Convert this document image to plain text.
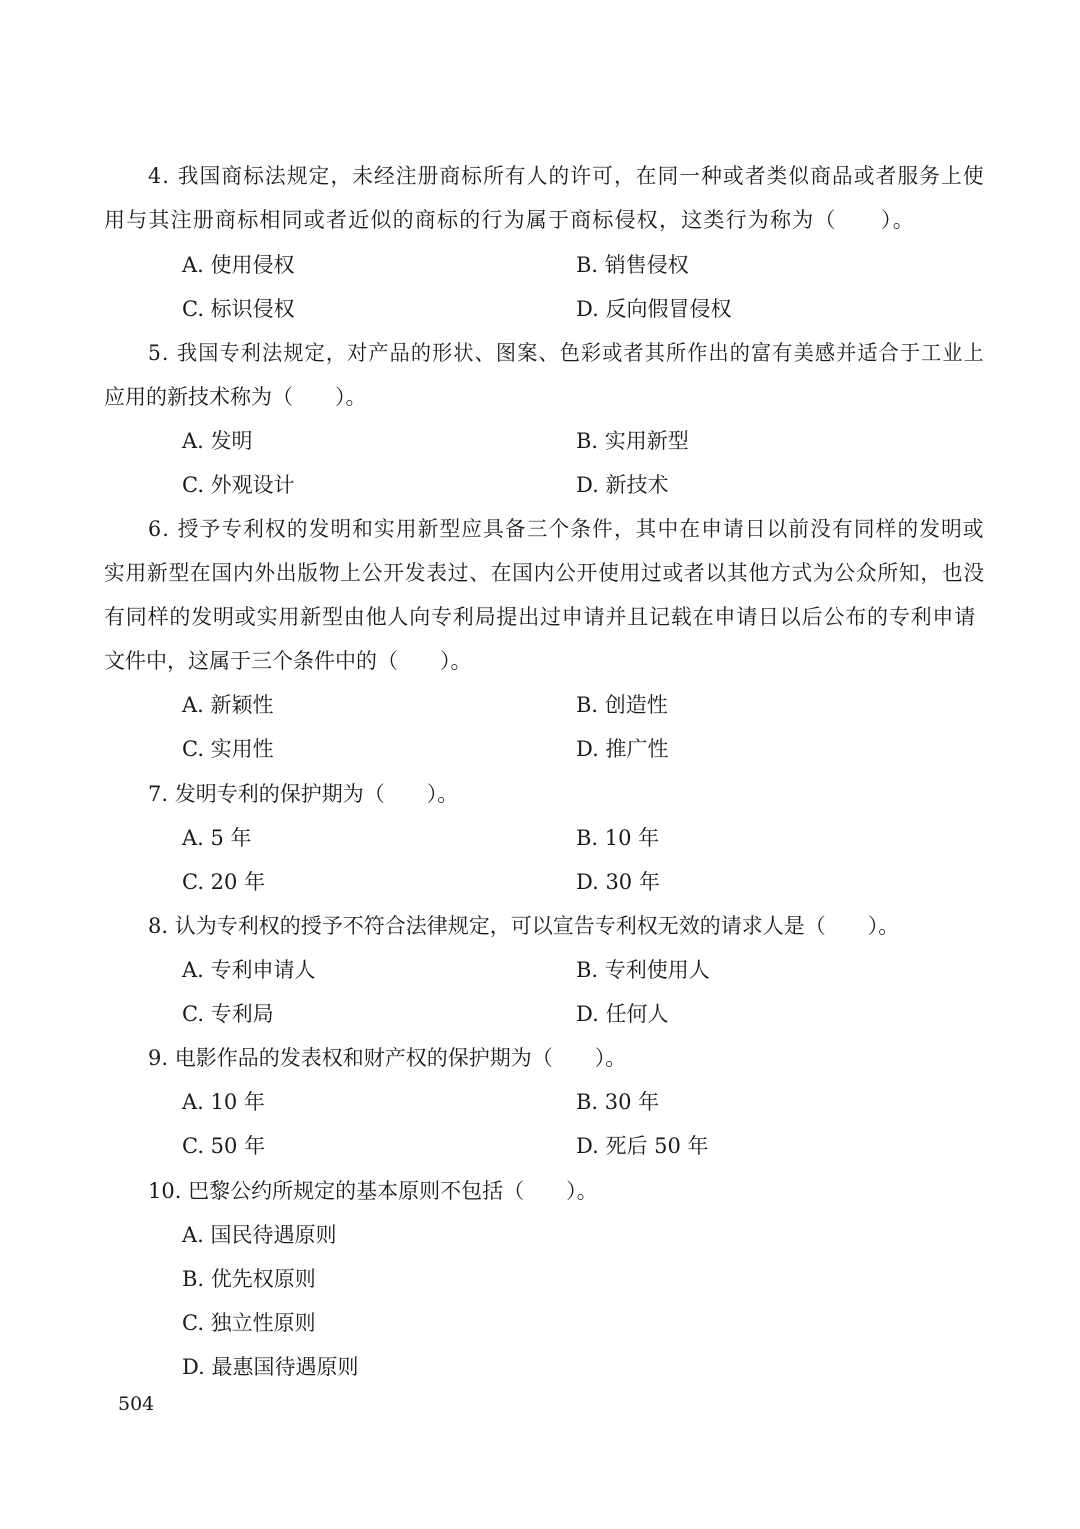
4. 我国商标法规定，未经注册商标所有人的许可，在同一种或者类似商品或者服务上使
用与其注册商标相同或者近似的商标的行为属于商标侵权，这类行为称为（　　）。
A. 使用侵权	B. 销售侵权
C. 标识侵权	D. 反向假冒侵权
5. 我国专利法规定，对产品的形状、图案、色彩或者其所作出的富有美感并适合于工业上
应用的新技术称为（　　）。
A. 发明	B. 实用新型
C. 外观设计	D. 新技术
6. 授予专利权的发明和实用新型应具备三个条件，其中在申请日以前没有同样的发明或
实用新型在国内外出版物上公开发表过、在国内公开使用过或者以其他方式为公众所知，也没
有同样的发明或实用新型由他人向专利局提出过申请并且记载在申请日以后公布的专利申请
文件中，这属于三个条件中的（　　）。
A. 新颖性	B. 创造性
C. 实用性	D. 推广性
7. 发明专利的保护期为（　　）。
A. 5 年	B. 10 年
C. 20 年	D. 30 年
8. 认为专利权的授予不符合法律规定，可以宣告专利权无效的请求人是（　　）。
A. 专利申请人	B. 专利使用人
C. 专利局	D. 任何人
9. 电影作品的发表权和财产权的保护期为（　　）。
A. 10 年	B. 30 年
C. 50 年	D. 死后 50 年
10. 巴黎公约所规定的基本原则不包括（　　）。
A. 国民待遇原则
B. 优先权原则
C. 独立性原则
D. 最惠国待遇原则
504
